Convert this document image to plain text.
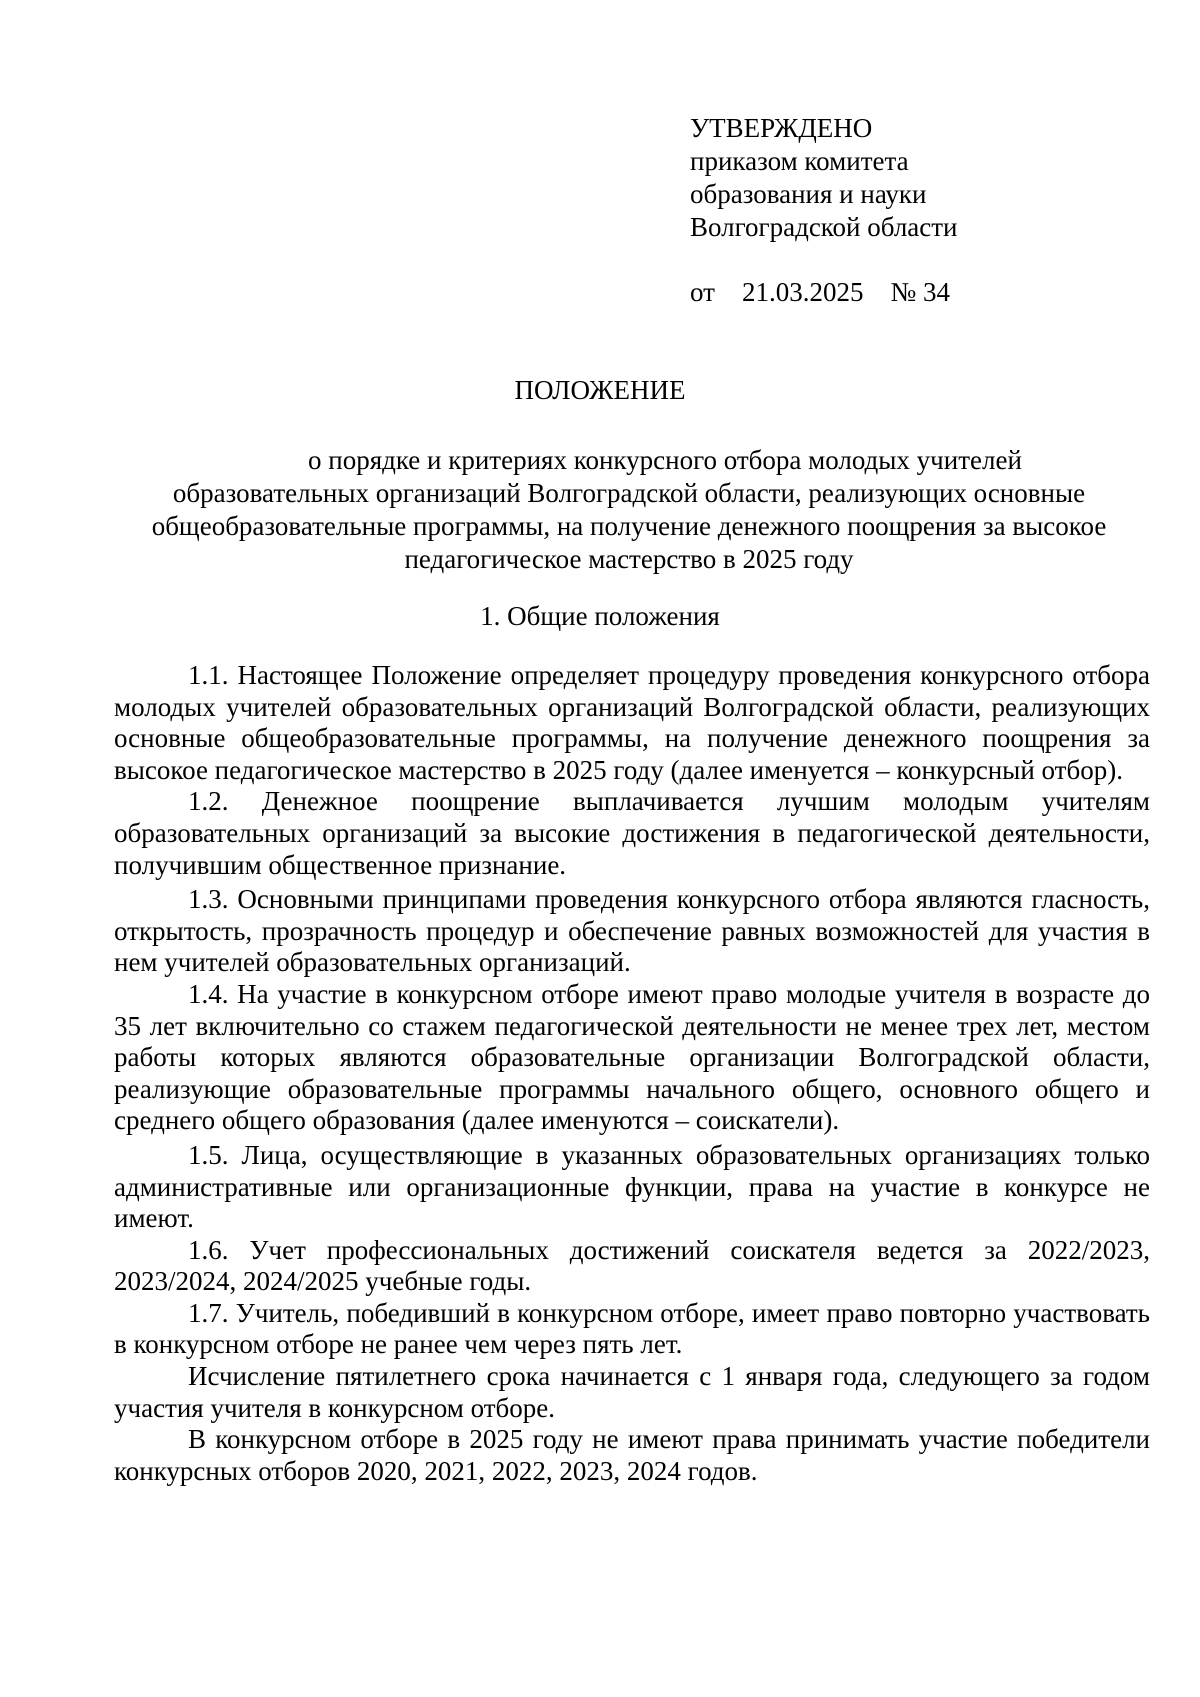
УТВЕРЖДЕНО
приказом комитета
образования и науки
Волгоградской области
от 21.03.2025 № 34
ПОЛОЖЕНИЕ
о порядке и критериях конкурсного отбора молодых учителей
образовательных организаций Волгоградской области, реализующих основные общеобразовательные программы, на получение денежного поощрения за высокое педагогическое мастерство в 2025 году
1. Общие положения

1.1. Настоящее Положение определяет процедуру проведения конкурсного отбора молодых учителей образовательных организаций Волгоградской области, реализующих основные общеобразовательные программы, на получение денежного поощрения за высокое педагогическое мастерство в 2025 году (далее именуется – конкурсный отбор).

1.2. Денежное поощрение выплачивается лучшим молодым учителям образовательных организаций за высокие достижения в педагогической деятельности, получившим общественное признание.

1.3. Основными принципами проведения конкурсного отбора являются гласность, открытость, прозрачность процедур и обеспечение равных возможностей для участия в нем учителей образовательных организаций.

1.4. На участие в конкурсном отборе имеют право молодые учителя в возрасте до 35 лет включительно со стажем педагогической деятельности не менее трех лет, местом работы которых являются образовательные организации Волгоградской области, реализующие образовательные программы начального общего, основного общего и среднего общего образования (далее именуются – соискатели).

1.5. Лица, осуществляющие в указанных образовательных организациях только административные или организационные функции, права на участие в конкурсе не имеют.

1.6. Учет профессиональных достижений соискателя ведется за 2022/2023, 2023/2024, 2024/2025 учебные годы.

1.7. Учитель, победивший в конкурсном отборе, имеет право повторно участвовать в конкурсном отборе не ранее чем через пять лет.

Исчисление пятилетнего срока начинается с 1 января года, следующего за годом участия учителя в конкурсном отборе.

В конкурсном отборе в 2025 году не имеют права принимать участие победители конкурсных отборов 2020, 2021, 2022, 2023, 2024 годов.
